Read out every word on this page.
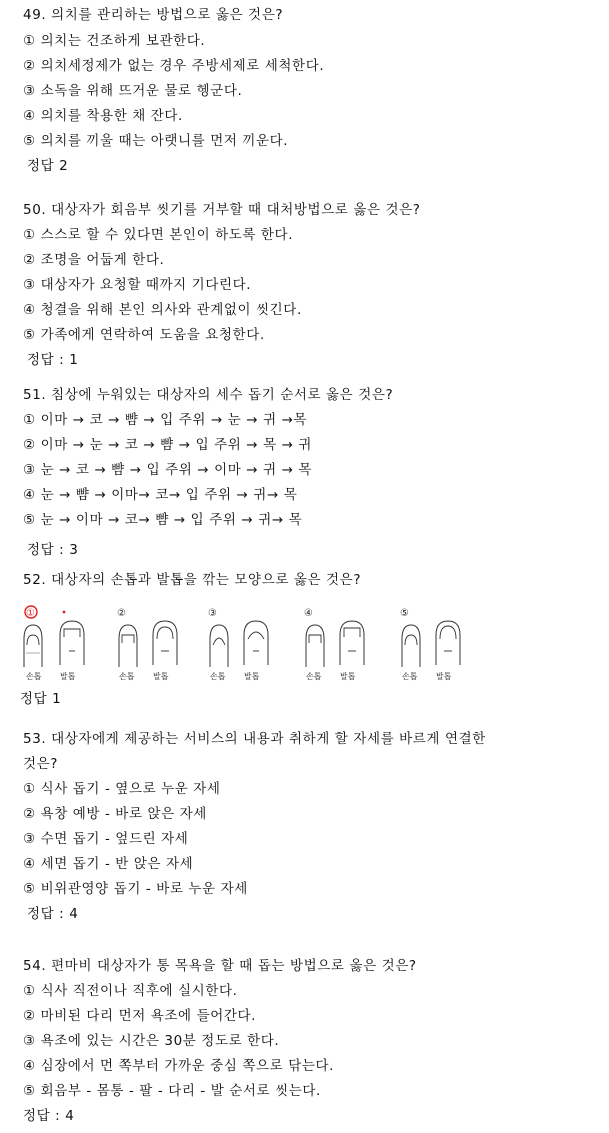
49. 의치를 관리하는 방법으로 옳은 것은?
① 의치는 건조하게 보관한다.
② 의치세정제가 없는 경우 주방세제로 세척한다.
③ 소독을 위해 뜨거운 물로 헹군다.
④ 의치를 착용한 채 잔다.
⑤ 의치를 끼울 때는 아랫니를 먼저 끼운다.
정답 2
50. 대상자가 회음부 씻기를 거부할 때 대처방법으로 옳은 것은?
① 스스로 할 수 있다면 본인이 하도록 한다.
② 조명을 어둡게 한다.
③ 대상자가 요청할 때까지 기다린다.
④ 청결을 위해 본인 의사와 관계없이 씻긴다.
⑤ 가족에게 연락하여 도움을 요청한다.
정답 : 1
51. 침상에 누워있는 대상자의 세수 돕기 순서로 옳은 것은?
① 이마 → 코 → 뺨 → 입 주위 → 눈 → 귀 →목
② 이마 → 눈 → 코 → 뺨 → 입 주위 → 목 → 귀
③ 눈 → 코 → 뺨 → 입 주위 → 이마 → 귀 → 목
④ 눈 → 뺨 → 이마→ 코→ 입 주위 → 귀→ 목
⑤ 눈 → 이마 → 코→ 뺨 → 입 주위 → 귀→ 목
정답 : 3
52. 대상자의 손톱과 발톱을 깎는 모양으로 옳은 것은?
①
손톱 발톱
②
손톱 발톱
③
손톱 발톱
④
손톱 발톱
⑤
손톱 발톱
정답 1
53. 대상자에게 제공하는 서비스의 내용과 취하게 할 자세를 바르게 연결한
것은?
① 식사 돕기 - 옆으로 누운 자세
② 욕창 예방 - 바로 앉은 자세
③ 수면 돕기 - 엎드린 자세
④ 세면 돕기 - 반 앉은 자세
⑤ 비위관영양 돕기 - 바로 누운 자세
정답 : 4
54. 편마비 대상자가 통 목욕을 할 때 돕는 방법으로 옳은 것은?
① 식사 직전이나 직후에 실시한다.
② 마비된 다리 먼저 욕조에 들어간다.
③ 욕조에 있는 시간은 30분 정도로 한다.
④ 심장에서 먼 쪽부터 가까운 중심 쪽으로 닦는다.
⑤ 회음부 - 몸통 - 팔 - 다리 - 발 순서로 씻는다.
정답 : 4
